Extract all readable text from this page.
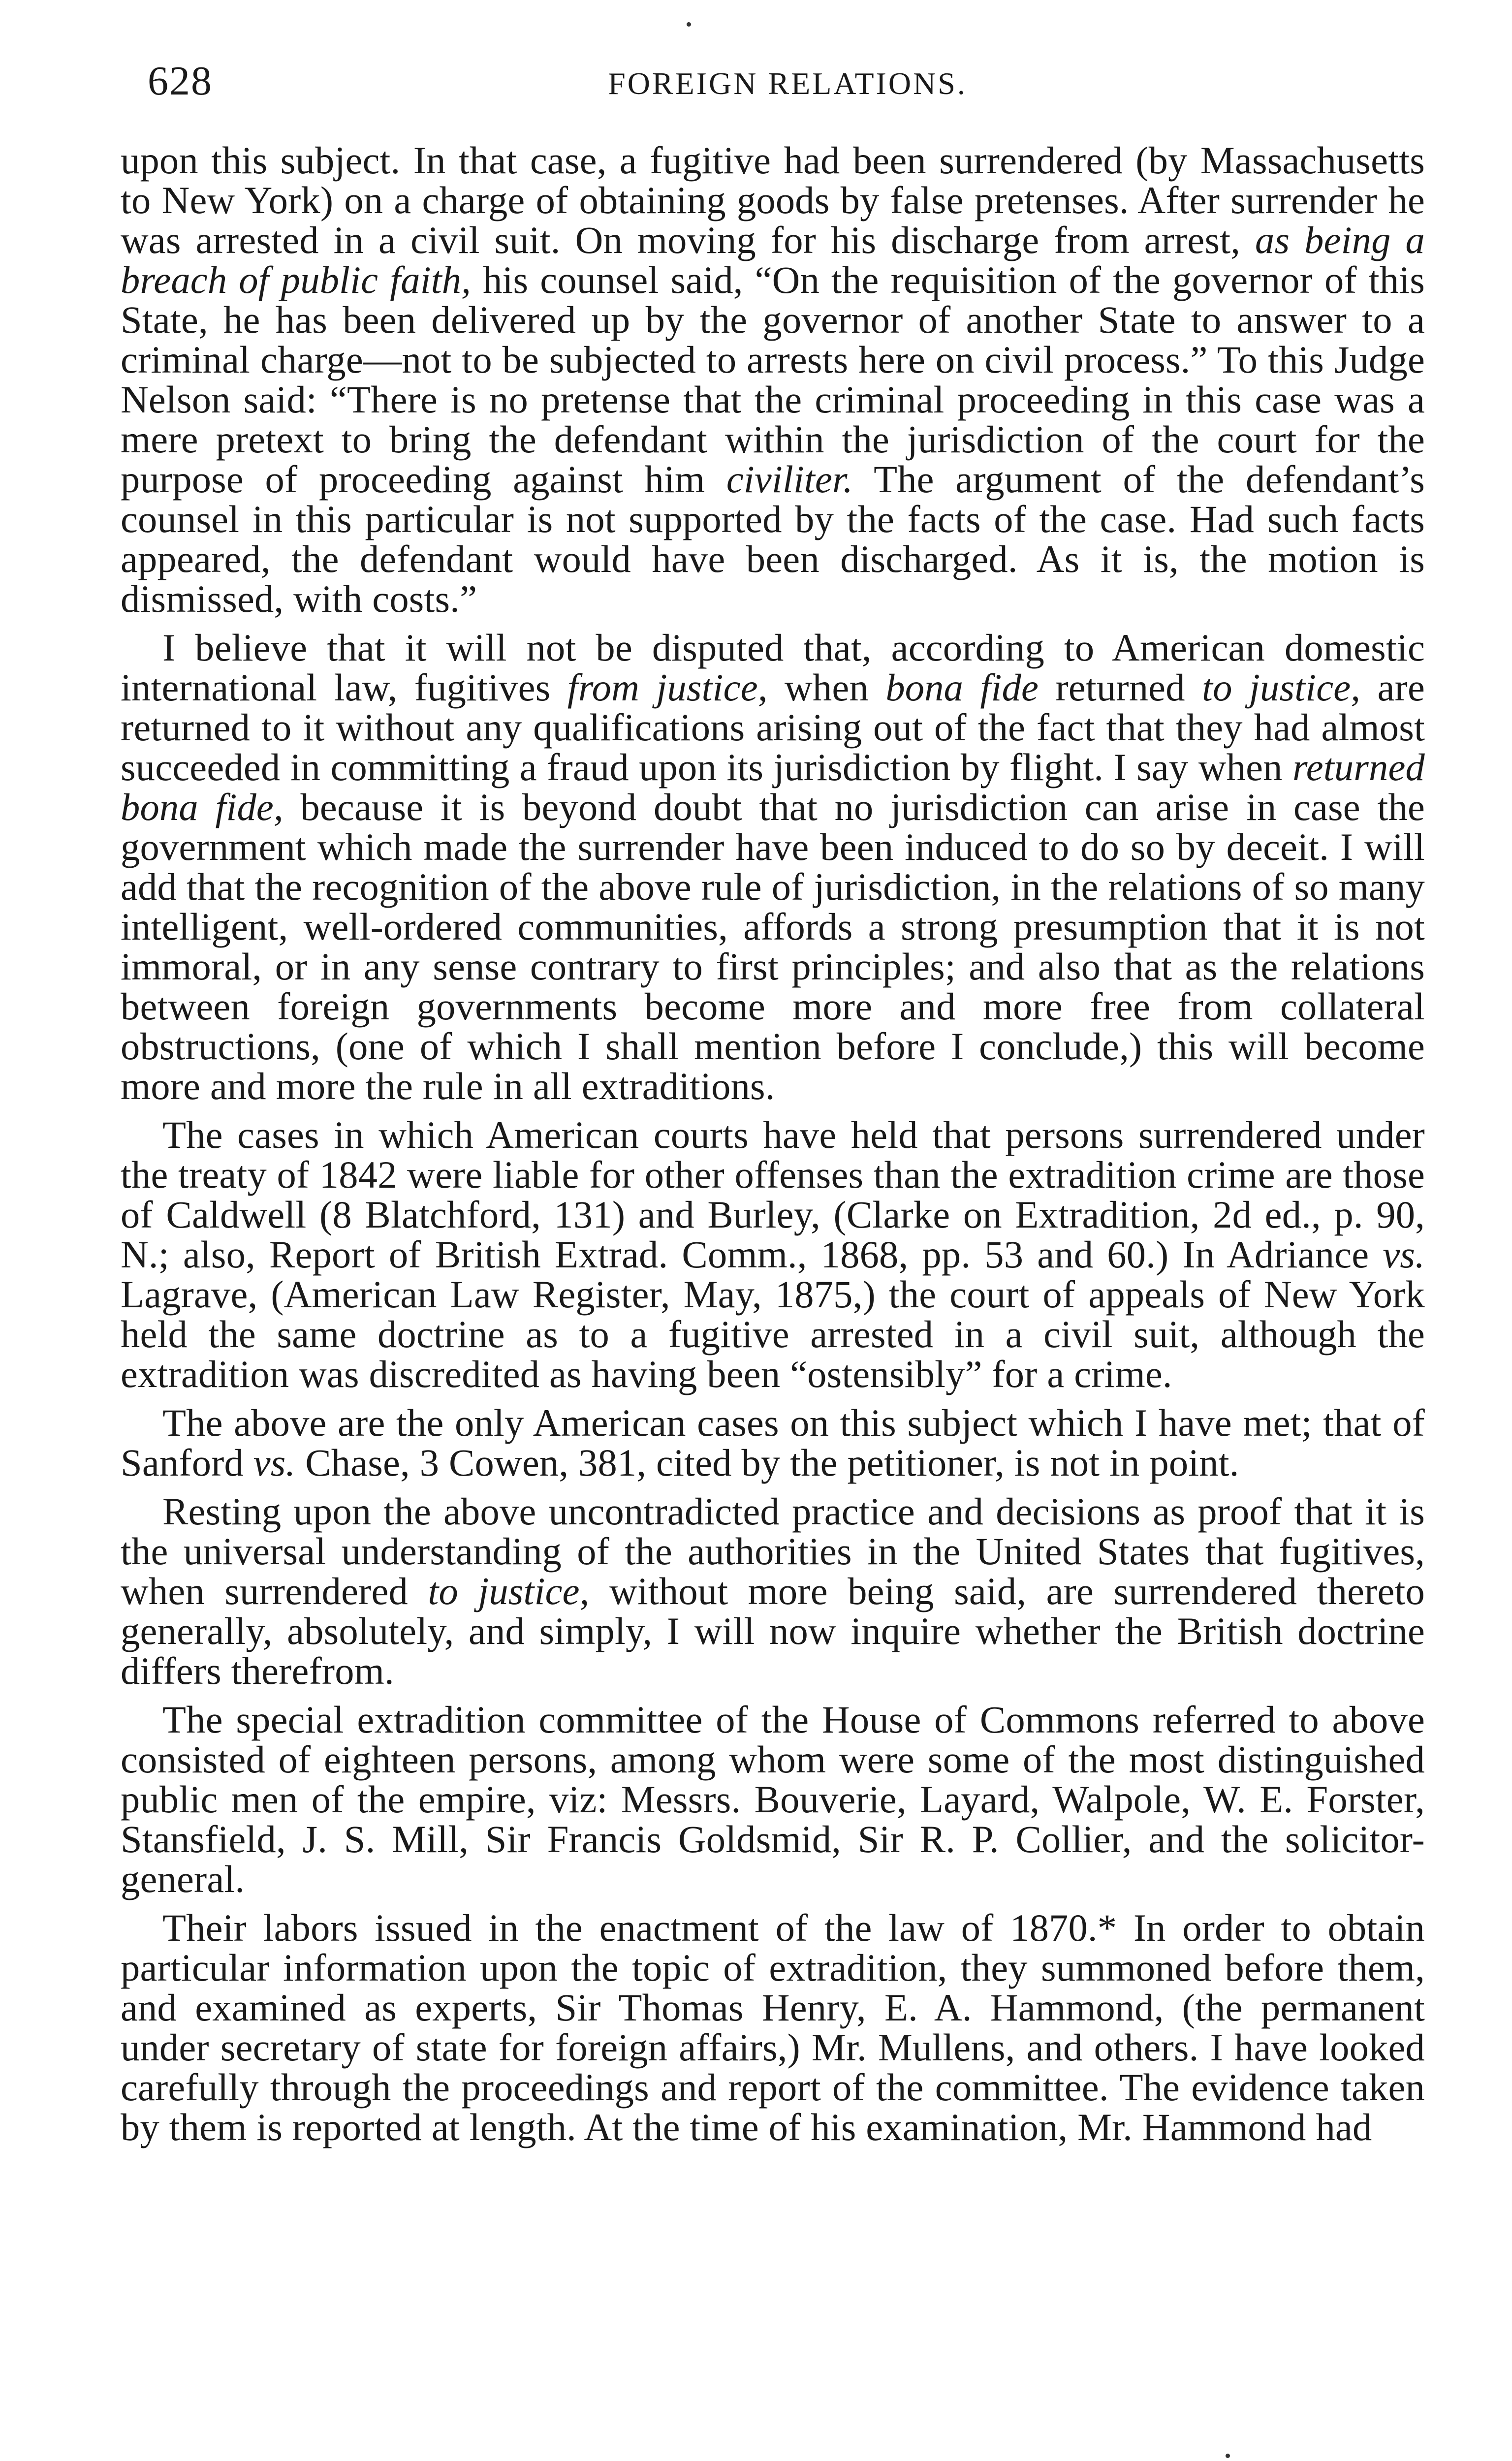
628	FOREIGN RELATIONS.

upon this subject. In that case, a fugitive had been surrendered (by Massachusetts to New York) on a charge of obtaining goods by false pretenses. After surrender he was arrested in a civil suit. On moving for his discharge from arrest, as being a breach of public faith, his counsel said, “On the requisition of the governor of this State, he has been delivered up by the governor of another State to answer to a criminal charge—not to be subjected to arrests here on civil process.” To this Judge Nelson said: “There is no pretense that the criminal proceeding in this case was a mere pretext to bring the defendant within the jurisdiction of the court for the purpose of proceeding against him civiliter. The argument of the defendant’s counsel in this particular is not supported by the facts of the case. Had such facts appeared, the defendant would have been discharged. As it is, the motion is dismissed, with costs.”

I believe that it will not be disputed that, according to American domestic international law, fugitives from justice, when bona fide returned to justice, are returned to it without any qualifications arising out of the fact that they had almost succeeded in committing a fraud upon its jurisdiction by flight. I say when returned bona fide, because it is beyond doubt that no jurisdiction can arise in case the government which made the surrender have been induced to do so by deceit. I will add that the recognition of the above rule of jurisdiction, in the relations of so many intelligent, well-ordered communities, affords a strong presumption that it is not immoral, or in any sense contrary to first principles; and also that as the relations between foreign governments become more and more free from collateral obstructions, (one of which I shall mention before I conclude,) this will become more and more the rule in all extraditions.

The cases in which American courts have held that persons surrendered under the treaty of 1842 were liable for other offenses than the extradition crime are those of Caldwell (8 Blatchford, 131) and Burley, (Clarke on Extradition, 2d ed., p. 90, N.; also, Report of British Extrad. Comm., 1868, pp. 53 and 60.) In Adriance vs. Lagrave, (American Law Register, May, 1875,) the court of appeals of New York held the same doctrine as to a fugitive arrested in a civil suit, although the extradition was discredited as having been “ostensibly” for a crime.

The above are the only American cases on this subject which I have met; that of Sanford vs. Chase, 3 Cowen, 381, cited by the petitioner, is not in point.

Resting upon the above uncontradicted practice and decisions as proof that it is the universal understanding of the authorities in the United States that fugitives, when surrendered to justice, without more being said, are surrendered thereto generally, absolutely, and simply, I will now inquire whether the British doctrine differs therefrom.

The special extradition committee of the House of Commons referred to above consisted of eighteen persons, among whom were some of the most distinguished public men of the empire, viz: Messrs. Bouverie, Layard, Walpole, W. E. Forster, Stansfield, J. S. Mill, Sir Francis Goldsmid, Sir R. P. Collier, and the solicitor-general.

Their labors issued in the enactment of the law of 1870.* In order to obtain particular information upon the topic of extradition, they summoned before them, and examined as experts, Sir Thomas Henry, E. A. Hammond, (the permanent under secretary of state for foreign affairs,) Mr. Mullens, and others. I have looked carefully through the proceedings and report of the committee. The evidence taken by them is reported at length. At the time of his examination, Mr. Hammond had
